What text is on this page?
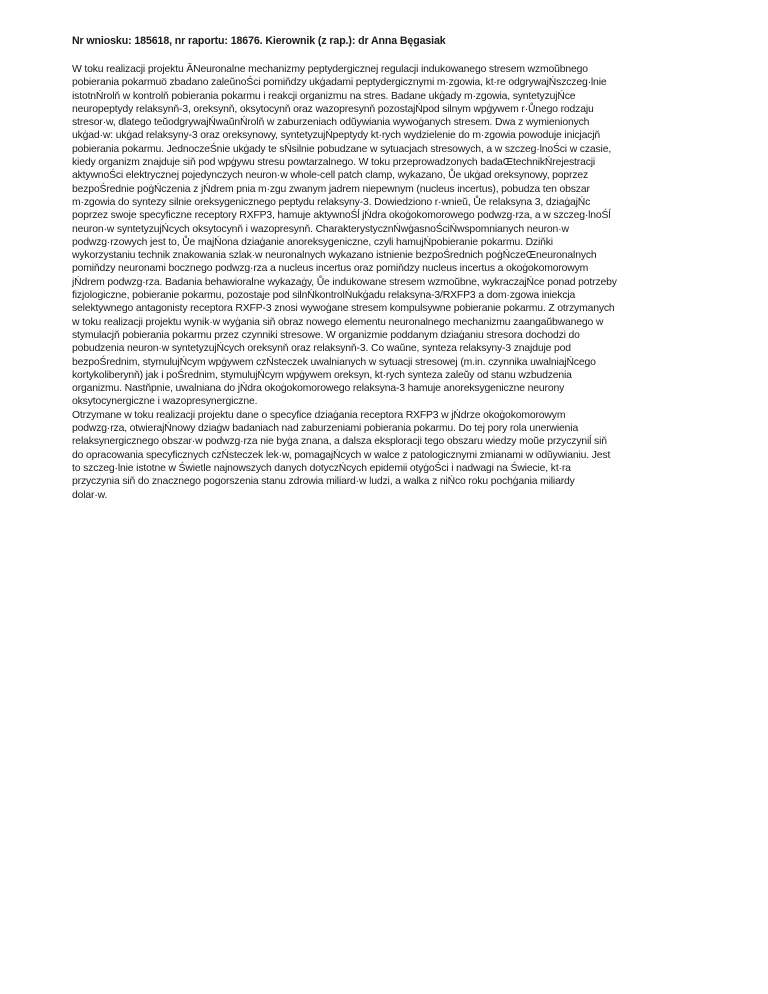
Nr wniosku: 185618, nr raportu: 18676. Kierownik (z rap.): dr Anna Bęgasiak

W toku realizacji projektu ĂNeuronalne mechanizmy peptydergicznej regulacji indukowanego stresem wzmoŭbnego
pobierania pokarmuö zbadano zaleŭnoŚci pomiňdzy ukġadami peptydergicznymi m·zgowia, kt·re odgrywajŃszczeg·lnie
istotnŃrolň w kontrolň pobierania pokarmu i reakcji organizmu na stres. Badane ukġady m·zgowia, syntetyzujŃce
neuropeptydy relaksynň-3, oreksynň, oksytocynň oraz wazopresynň pozostajŃpod silnym wpġywem r·Ůnego rodzaju
stresor·w, dlatego teŭodgrywajŃwaŭnŃrolň w zaburzeniach odŭywiania wywoġanych stresem. Dwa z wymienionych
ukġad·w: ukġad relaksyny-3 oraz oreksynowy, syntetyzujŃpeptydy kt·rych wydzielenie do m·zgowia powoduje inicjacjň
pobierania pokarmu. JednoczeŚnie ukġady te sŃsilnie pobudzane w sytuacjach stresowych, a w szczeg·lnoŚci w czasie,
kiedy organizm znajduje siň pod wpġywu stresu powtarzalnego. W toku przeprowadzonych badaŒtechnikŃrejestracji
aktywnoŚci elektrycznej pojedynczych neuron·w whole-cell patch clamp, wykazano, Ůe ukġad oreksynowy, poprzez
bezpoŚrednie poġŃczenia z jŃdrem pnia m·zgu zwanym jadrem niepewnym (nucleus incertus), pobudza ten obszar
m·zgowia do syntezy silnie oreksygenicznego peptydu relaksyny-3. Dowiedziono r·wnieŭ, Ůe relaksyna 3, dziaġajŃc
poprzez swoje specyficzne receptory RXFP3, hamuje aktywnoŚĺ jŃdra okoġokomorowego podwzg·rza, a w szczeg·lnoŚĺ
neuron·w syntetyzujŃcych oksytocynň i wazopresynň. CharakterystycznŃwġasnoŚciŃwspomnianych neuron·w
podwzg·rzowych jest to, Ůe majŃona dziaġanie anoreksygeniczne, czyli hamujŃpobieranie pokarmu. Dziňki
wykorzystaniu technik znakowania szlak·w neuronalnych wykazano istnienie bezpoŚrednich poġŃczeŒneuronalnych
pomiňdzy neuronami bocznego podwzg·rza a nucleus incertus oraz pomiňdzy nucleus incertus a okoġokomorowym
jŃdrem podwzg·rza. Badania behawioralne wykazaġy, Ůe indukowane stresem wzmoŭbne, wykraczajŃce ponad potrzeby
fizjologiczne, pobieranie pokarmu, pozostaje pod silnŃkontrolŃukġadu relaksyna-3/RXFP3 a dom·zgowa iniekcja
selektywnego antagonisty receptora RXFP-3 znosi wywoġane stresem kompulsywne pobieranie pokarmu. Z otrzymanych
w toku realizacji projektu wynik·w wyġania siň obraz nowego elementu neuronalnego mechanizmu zaangaŭbwanego w
stymulacjň pobierania pokarmu przez czynniki stresowe. W organizmie poddanym dziaġaniu stresora dochodzi do
pobudzenia neuron·w syntetyzujŃcych oreksynň oraz relaksynň-3. Co waŭne, synteza relaksyny-3 znajduje pod
bezpoŚrednim, stymulujŃcym wpġywem czŃsteczek uwalnianych w sytuacji stresowej (m.in. czynnika uwalniajŃcego
kortykoliberynň) jak i poŚrednim, stymulujŃcym wpġywem oreksyn, kt·rych synteza zaleŭy od stanu wzbudzenia
organizmu. Nastňpnie, uwalniana do jŃdra okoġokomorowego relaksyna-3 hamuje anoreksygeniczne neurony
oksytocynergiczne i wazopresynergiczne.

Otrzymane w toku realizacji projektu dane o specyfice dziaġania receptora RXFP3 w jŃdrze okoġokomorowym
podwzg·rza, otwierajŃnowy dziaġw badaniach nad zaburzeniami pobierania pokarmu. Do tej pory rola unerwienia
relaksynergicznego obszar·w podwzg·rza nie byġa znana, a dalsza eksploracji tego obszaru wiedzy moŭe przyczyniĺ siň
do opracowania specyficznych czŃsteczek lek·w, pomagajŃcych w walce z patologicznymi zmianami w odŭywianiu. Jest
to szczeg·lnie istotne w Świetle najnowszych danych dotyczŃcych epidemii otyġoŚci i nadwagi na Świecie, kt·ra
przyczynia siň do znacznego pogorszenia stanu zdrowia miliard·w ludzi, a walka z niŃco roku pochġania miliardy
dolar·w.
